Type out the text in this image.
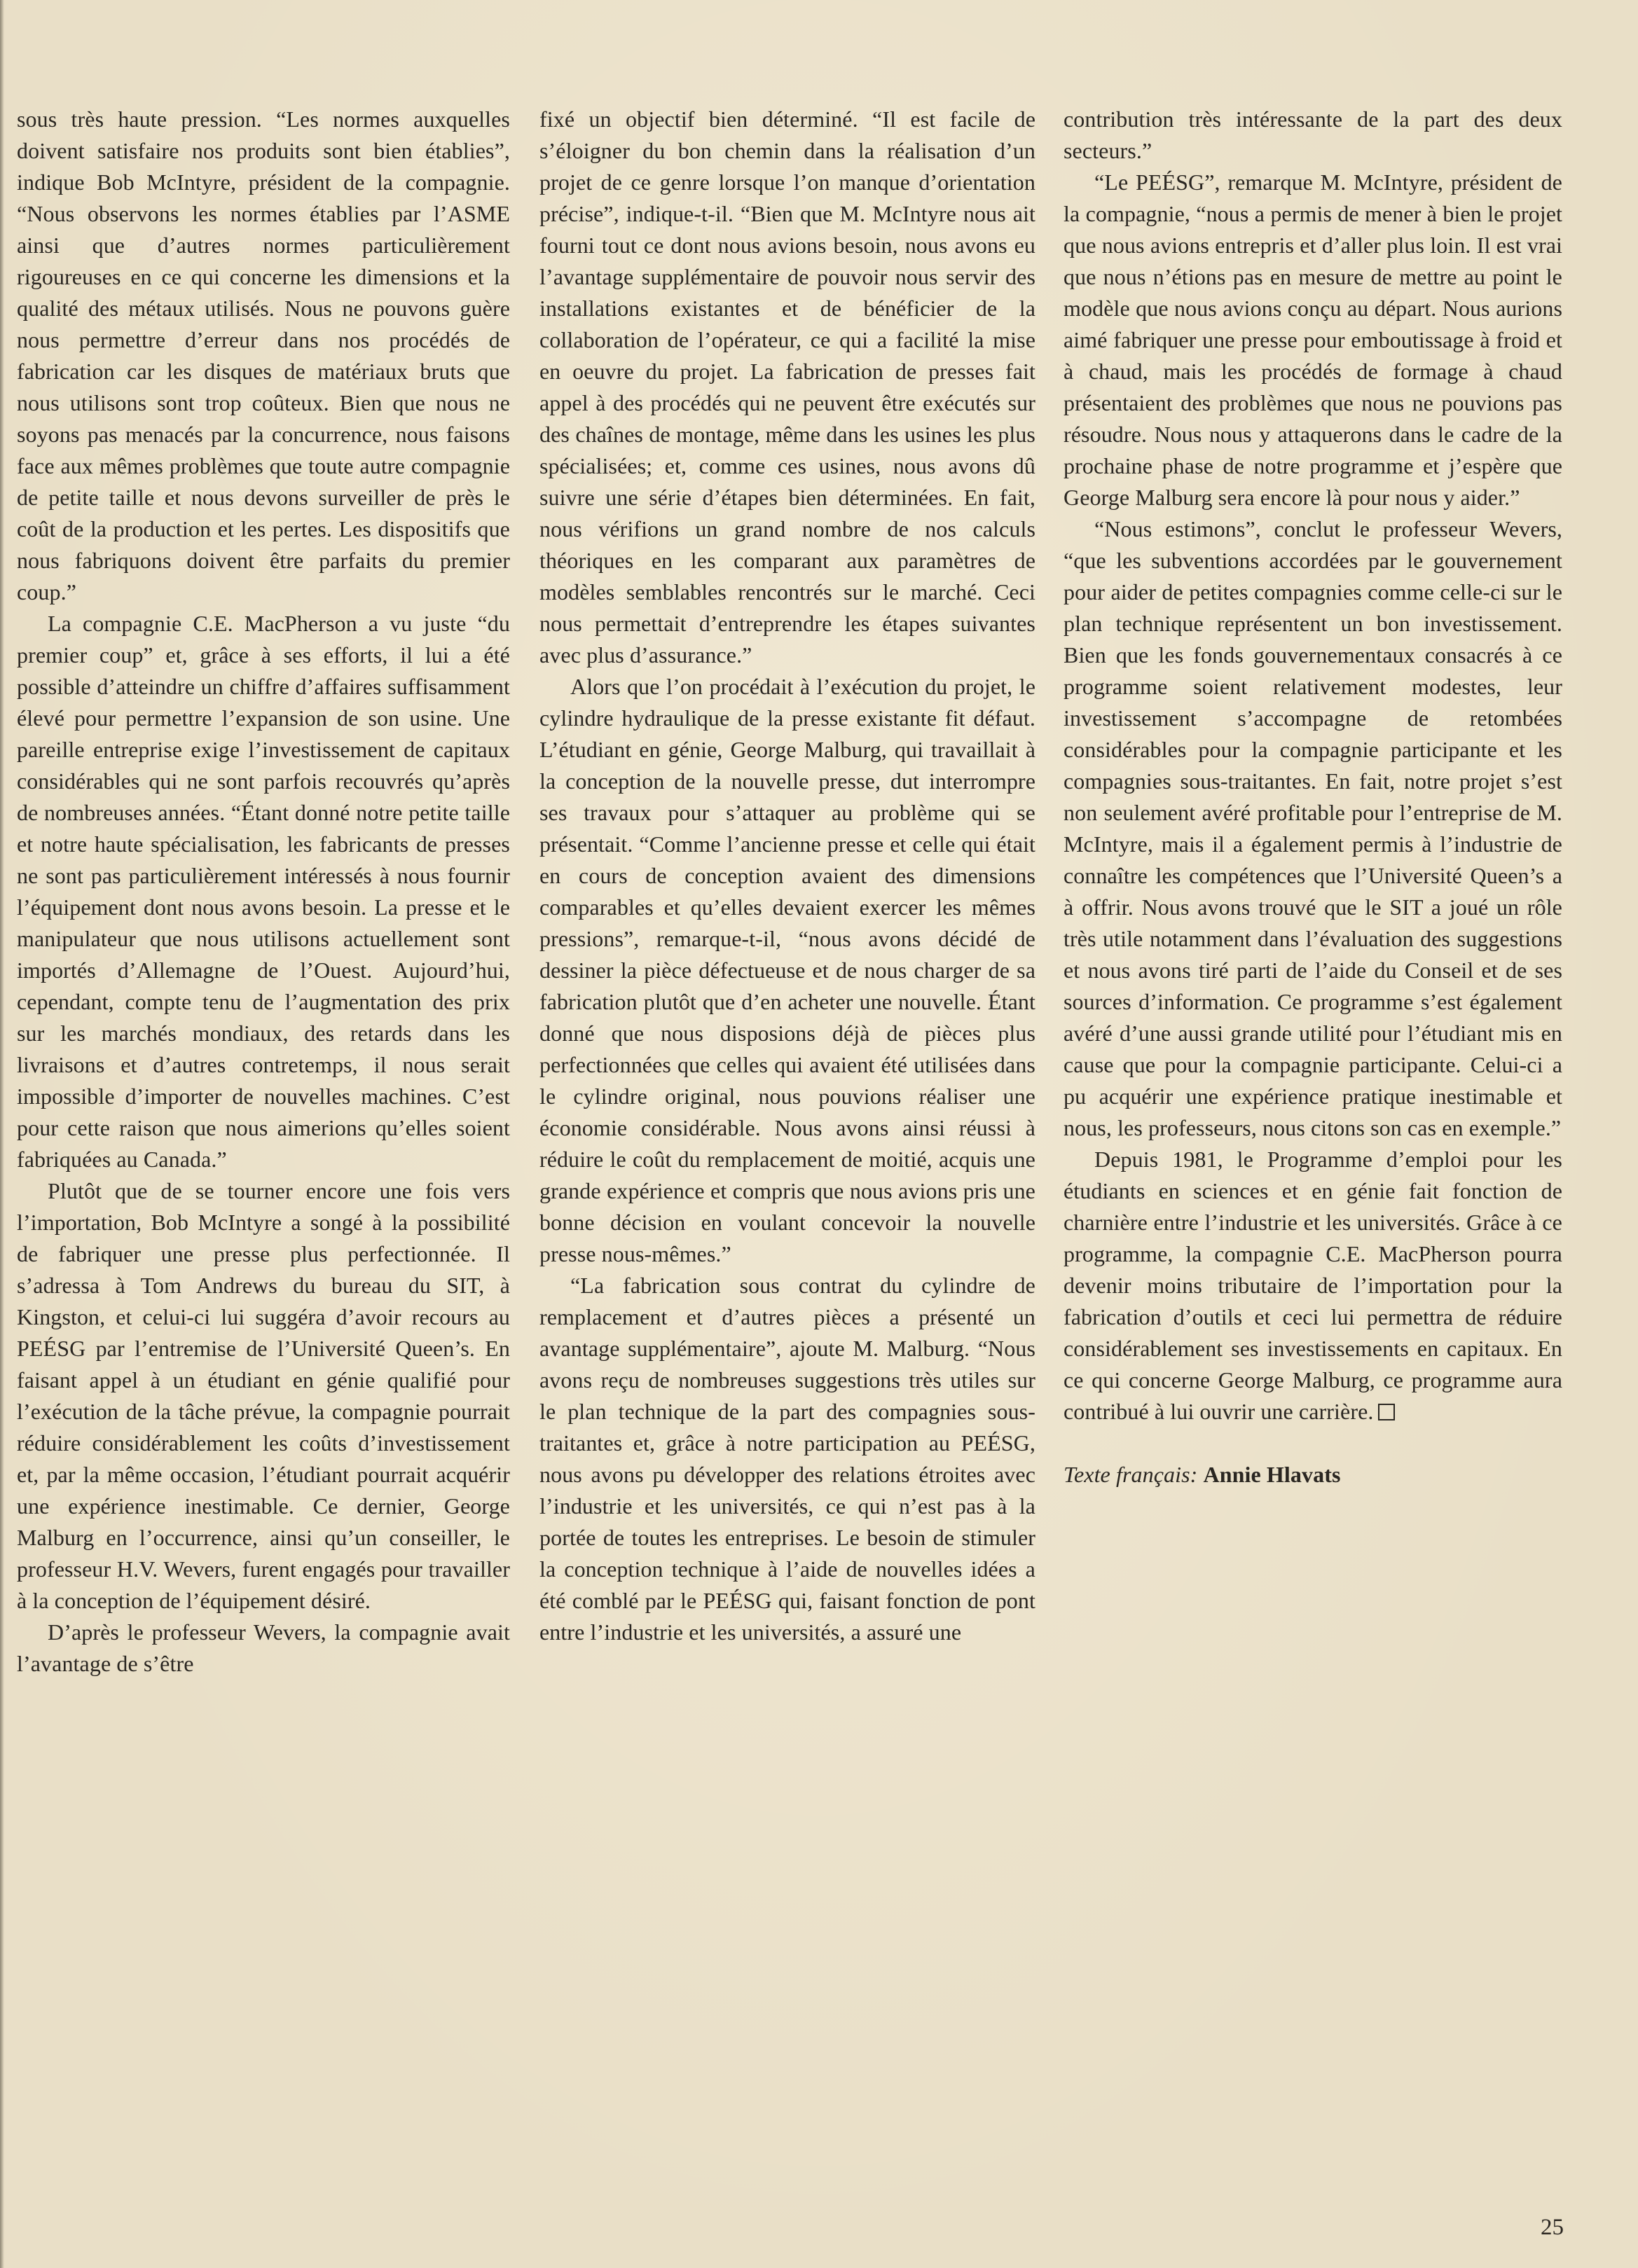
sous très haute pression. “Les normes auxquelles doivent satisfaire nos produits sont bien établies”, indique Bob McIntyre, président de la compagnie. “Nous observons les normes établies par l’ASME ainsi que d’autres normes particulièrement rigoureuses en ce qui concerne les dimensions et la qualité des métaux utilisés. Nous ne pouvons guère nous permettre d’erreur dans nos procédés de fabrication car les disques de matériaux bruts que nous utilisons sont trop coûteux. Bien que nous ne soyons pas menacés par la concurrence, nous faisons face aux mêmes problèmes que toute autre compagnie de petite taille et nous devons surveiller de près le coût de la production et les pertes. Les dispositifs que nous fabriquons doivent être parfaits du premier coup.”

La compagnie C.E. MacPherson a vu juste “du premier coup” et, grâce à ses efforts, il lui a été possible d’atteindre un chiffre d’affaires suffisamment élevé pour permettre l’expansion de son usine. Une pareille entreprise exige l’investissement de capitaux considérables qui ne sont parfois recouvrés qu’après de nombreuses années. “Étant donné notre petite taille et notre haute spécialisation, les fabricants de presses ne sont pas particulièrement intéressés à nous fournir l’équipement dont nous avons besoin. La presse et le manipulateur que nous utilisons actuellement sont importés d’Allemagne de l’Ouest. Aujourd’hui, cependant, compte tenu de l’augmentation des prix sur les marchés mondiaux, des retards dans les livraisons et d’autres contretemps, il nous serait impossible d’importer de nouvelles machines. C’est pour cette raison que nous aimerions qu’elles soient fabriquées au Canada.”

Plutôt que de se tourner encore une fois vers l’importation, Bob McIntyre a songé à la possibilité de fabriquer une presse plus perfectionnée. Il s’adressa à Tom Andrews du bureau du SIT, à Kingston, et celui-ci lui suggéra d’avoir recours au PEÉSG par l’entremise de l’Université Queen’s. En faisant appel à un étudiant en génie qualifié pour l’exécution de la tâche prévue, la compagnie pourrait réduire considérablement les coûts d’investissement et, par la même occasion, l’étudiant pourrait acquérir une expérience inestimable. Ce dernier, George Malburg en l’occurrence, ainsi qu’un conseiller, le professeur H.V. Wevers, furent engagés pour travailler à la conception de l’équipement désiré.

D’après le professeur Wevers, la compagnie avait l’avantage de s’être

fixé un objectif bien déterminé. “Il est facile de s’éloigner du bon chemin dans la réalisation d’un projet de ce genre lorsque l’on manque d’orientation précise”, indique-t-il. “Bien que M. McIntyre nous ait fourni tout ce dont nous avions besoin, nous avons eu l’avantage supplémentaire de pouvoir nous servir des installations existantes et de bénéficier de la collaboration de l’opérateur, ce qui a facilité la mise en oeuvre du projet. La fabrication de presses fait appel à des procédés qui ne peuvent être exécutés sur des chaînes de montage, même dans les usines les plus spécialisées; et, comme ces usines, nous avons dû suivre une série d’étapes bien déterminées. En fait, nous vérifions un grand nombre de nos calculs théoriques en les comparant aux paramètres de modèles semblables rencontrés sur le marché. Ceci nous permettait d’entreprendre les étapes suivantes avec plus d’assurance.”

Alors que l’on procédait à l’exécution du projet, le cylindre hydraulique de la presse existante fit défaut. L’étudiant en génie, George Malburg, qui travaillait à la conception de la nouvelle presse, dut interrompre ses travaux pour s’attaquer au problème qui se présentait. “Comme l’ancienne presse et celle qui était en cours de conception avaient des dimensions comparables et qu’elles devaient exercer les mêmes pressions”, remarque-t-il, “nous avons décidé de dessiner la pièce défectueuse et de nous charger de sa fabrication plutôt que d’en acheter une nouvelle. Étant donné que nous disposions déjà de pièces plus perfectionnées que celles qui avaient été utilisées dans le cylindre original, nous pouvions réaliser une économie considérable. Nous avons ainsi réussi à réduire le coût du remplacement de moitié, acquis une grande expérience et compris que nous avions pris une bonne décision en voulant concevoir la nouvelle presse nous-mêmes.”

“La fabrication sous contrat du cylindre de remplacement et d’autres pièces a présenté un avantage supplémentaire”, ajoute M. Malburg. “Nous avons reçu de nombreuses suggestions très utiles sur le plan technique de la part des compagnies sous-traitantes et, grâce à notre participation au PEÉSG, nous avons pu développer des relations étroites avec l’industrie et les universités, ce qui n’est pas à la portée de toutes les entreprises. Le besoin de stimuler la conception technique à l’aide de nouvelles idées a été comblé par le PEÉSG qui, faisant fonction de pont entre l’industrie et les universités, a assuré une

contribution très intéressante de la part des deux secteurs.”

“Le PEÉSG”, remarque M. McIntyre, président de la compagnie, “nous a permis de mener à bien le projet que nous avions entrepris et d’aller plus loin. Il est vrai que nous n’étions pas en mesure de mettre au point le modèle que nous avions conçu au départ. Nous aurions aimé fabriquer une presse pour emboutissage à froid et à chaud, mais les procédés de formage à chaud présentaient des problèmes que nous ne pouvions pas résoudre. Nous nous y attaquerons dans le cadre de la prochaine phase de notre programme et j’espère que George Malburg sera encore là pour nous y aider.”

“Nous estimons”, conclut le professeur Wevers, “que les subventions accordées par le gouvernement pour aider de petites compagnies comme celle-ci sur le plan technique représentent un bon investissement. Bien que les fonds gouvernementaux consacrés à ce programme soient relativement modestes, leur investissement s’accompagne de retombées considérables pour la compagnie participante et les compagnies sous-traitantes. En fait, notre projet s’est non seulement avéré profitable pour l’entreprise de M. McIntyre, mais il a également permis à l’industrie de connaître les compétences que l’Université Queen’s a à offrir. Nous avons trouvé que le SIT a joué un rôle très utile notamment dans l’évaluation des suggestions et nous avons tiré parti de l’aide du Conseil et de ses sources d’information. Ce programme s’est également avéré d’une aussi grande utilité pour l’étudiant mis en cause que pour la compagnie participante. Celui-ci a pu acquérir une expérience pratique inestimable et nous, les professeurs, nous citons son cas en exemple.”

Depuis 1981, le Programme d’emploi pour les étudiants en sciences et en génie fait fonction de charnière entre l’industrie et les universités. Grâce à ce programme, la compagnie C.E. MacPherson pourra devenir moins tributaire de l’importation pour la fabrication d’outils et ceci lui permettra de réduire considérablement ses investissements en capitaux. En ce qui concerne George Malburg, ce programme aura contribué à lui ouvrir une carrière.

Texte français: Annie Hlavats
25
